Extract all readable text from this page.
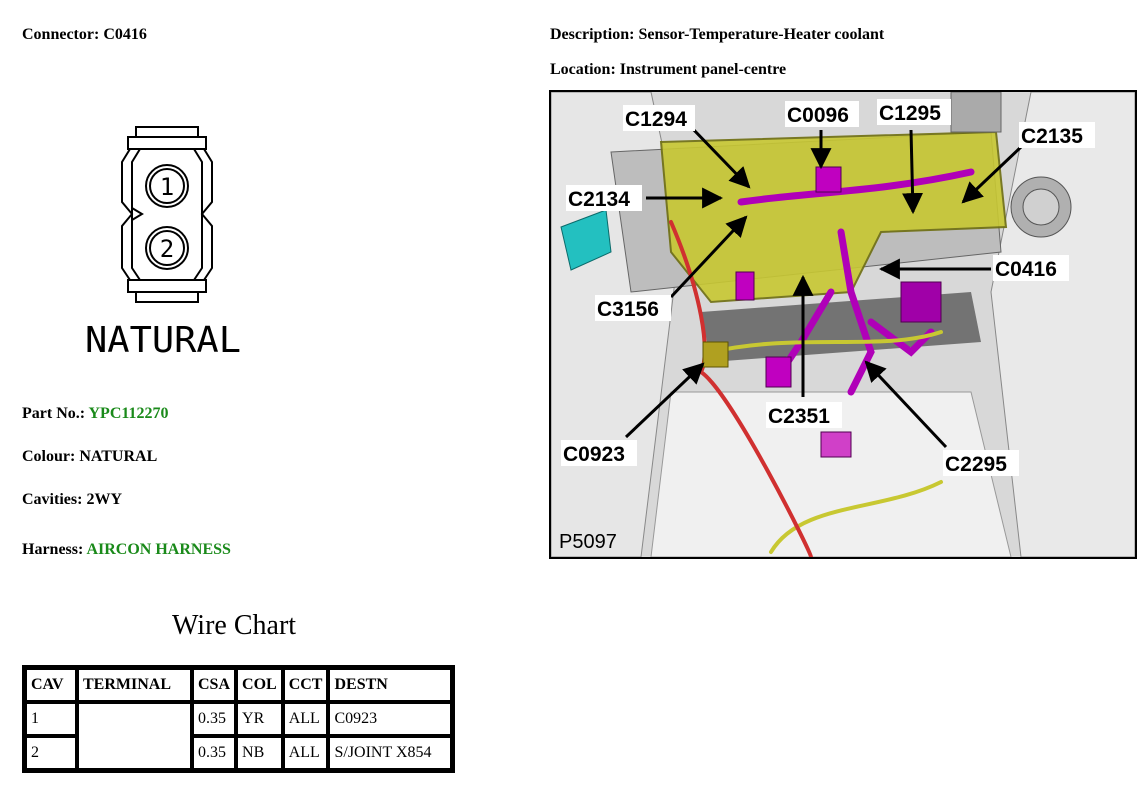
Connector: C0416	Description: Sensor-Temperature-Heater coolant
Location: Instrument panel-centre
1
2
NATURAL
Part No.: YPC112270
Colour: NATURAL
Cavities: 2WY
Harness: AIRCON HARNESS
Wire Chart
CAV	TERMINAL	CSA	COL	CCT	DESTN
1		0.35	YR	ALL	C0923
2		0.35	NB	ALL	S/JOINT X854
C1294	C0096 C1295
C2135
C2134
C0416
C3156
C2351
C0923	C2295
P5097
